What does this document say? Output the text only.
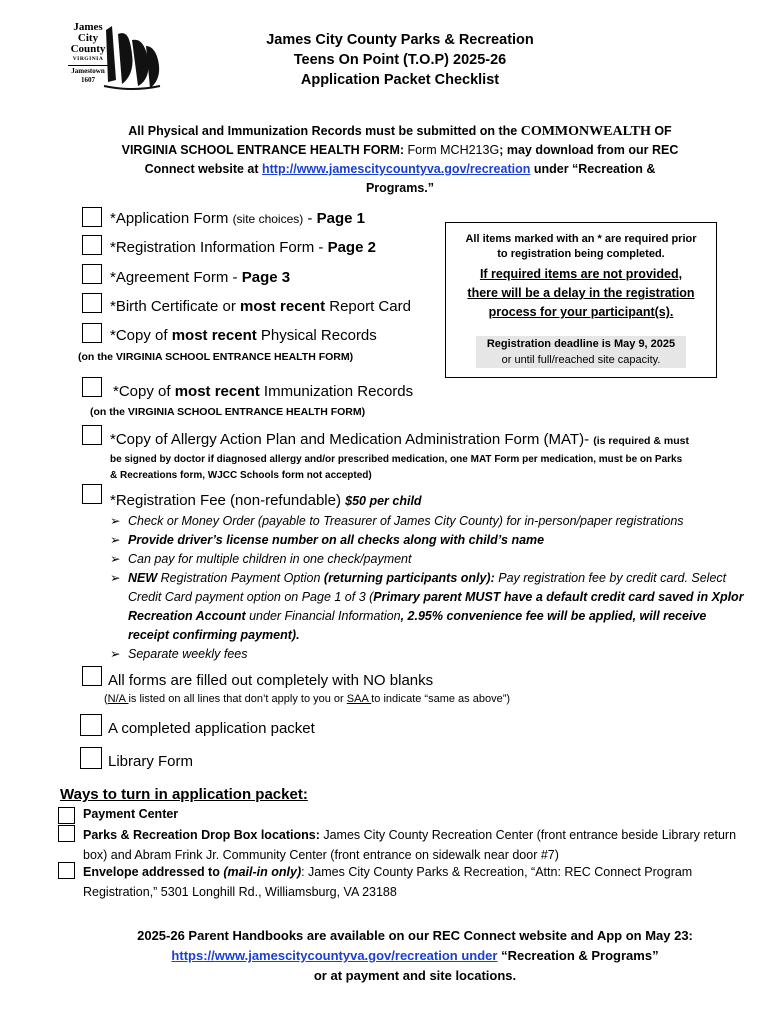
James
City
County
VIRGINIA
Jamestown
1607
James City County Parks & Recreation
Teens On Point (T.O.P) 2025-26
Application Packet Checklist
All Physical and Immunization Records must be submitted on the COMMONWEALTH OF VIRGINIA SCHOOL ENTRANCE HEALTH FORM: Form MCH213G; may download from our REC Connect website at http://www.jamescitycountyva.gov/recreation under “Recreation & Programs.”
*Application Form (site choices) - Page 1
*Registration Information Form - Page 2
*Agreement Form - Page 3
*Birth Certificate or most recent Report Card
*Copy of most recent Physical Records
(on the VIRGINIA SCHOOL ENTRANCE HEALTH FORM)
*Copy of most recent Immunization Records
(on the VIRGINIA SCHOOL ENTRANCE HEALTH FORM)
All items marked with an * are required prior
to registration being completed.
If required items are not provided,
there will be a delay in the registration
process for your participant(s).
Registration deadline is May 9, 2025
or until full/reached site capacity.
*Copy of Allergy Action Plan and Medication Administration Form (MAT)- (is required & must
be signed by doctor if diagnosed allergy and/or prescribed medication, one MAT Form per medication, must be on Parks
& Recreations form, WJCC Schools form not accepted)
*Registration Fee (non-refundable) $50 per child
➢ Check or Money Order (payable to Treasurer of James City County) for in-person/paper registrations
➢ Provide driver’s license number on all checks along with child’s name
➢ Can pay for multiple children in one check/payment
➢ NEW Registration Payment Option (returning participants only): Pay registration fee by credit card. Select Credit Card payment option on Page 1 of 3 (Primary parent MUST have a default credit card saved in Xplor Recreation Account under Financial Information, 2.95% convenience fee will be applied, will receive receipt confirming payment).
➢ Separate weekly fees
All forms are filled out completely with NO blanks
(N/A is listed on all lines that don’t apply to you or SAA to indicate “same as above”)
A completed application packet
Library Form
Ways to turn in application packet:
Payment Center
Parks & Recreation Drop Box locations: James City County Recreation Center (front entrance beside Library return box) and Abram Frink Jr. Community Center (front entrance on sidewalk near door #7)
Envelope addressed to (mail-in only): James City County Parks & Recreation, “Attn: REC Connect Program Registration,” 5301 Longhill Rd., Williamsburg, VA 23188
2025-26 Parent Handbooks are available on our REC Connect website and App on May 23:
https://www.jamescitycountyva.gov/recreation under “Recreation & Programs”
or at payment and site locations.
